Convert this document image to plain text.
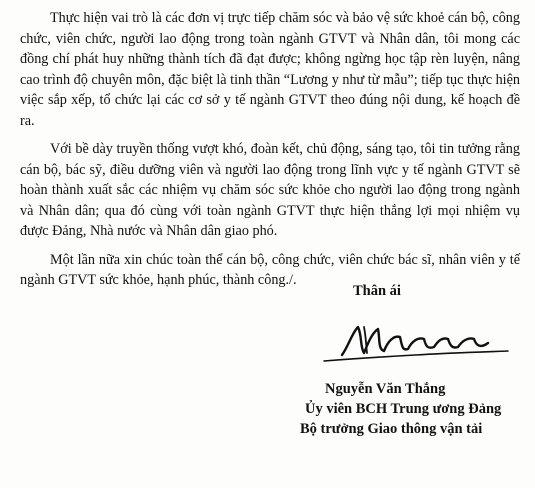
Thực hiện vai trò là các đơn vị trực tiếp chăm sóc và bảo vệ sức khoẻ cán bộ, công chức, viên chức, người lao động trong toàn ngành GTVT và Nhân dân, tôi mong các đồng chí phát huy những thành tích đã đạt được; không ngừng học tập rèn luyện, nâng cao trình độ chuyên môn, đặc biệt là tinh thần “Lương y như từ mẫu”; tiếp tục thực hiện việc sắp xếp, tổ chức lại các cơ sở y tế ngành GTVT theo đúng nội dung, kế hoạch đề ra.

Với bề dày truyền thống vượt khó, đoàn kết, chủ động, sáng tạo, tôi tin tưởng rằng cán bộ, bác sỹ, điều dưỡng viên và người lao động trong lĩnh vực y tế ngành GTVT sẽ hoàn thành xuất sắc các nhiệm vụ chăm sóc sức khỏe cho người lao động trong ngành và Nhân dân; qua đó cùng với toàn ngành GTVT thực hiện thắng lợi mọi nhiệm vụ được Đảng, Nhà nước và Nhân dân giao phó.

Một lần nữa xin chúc toàn thể cán bộ, công chức, viên chức bác sĩ, nhân viên y tế ngành GTVT sức khỏe, hạnh phúc, thành công./.

Thân ái

Nguyễn Văn Thắng

Ủy viên BCH Trung ương Đảng

Bộ trưởng Giao thông vận tải
